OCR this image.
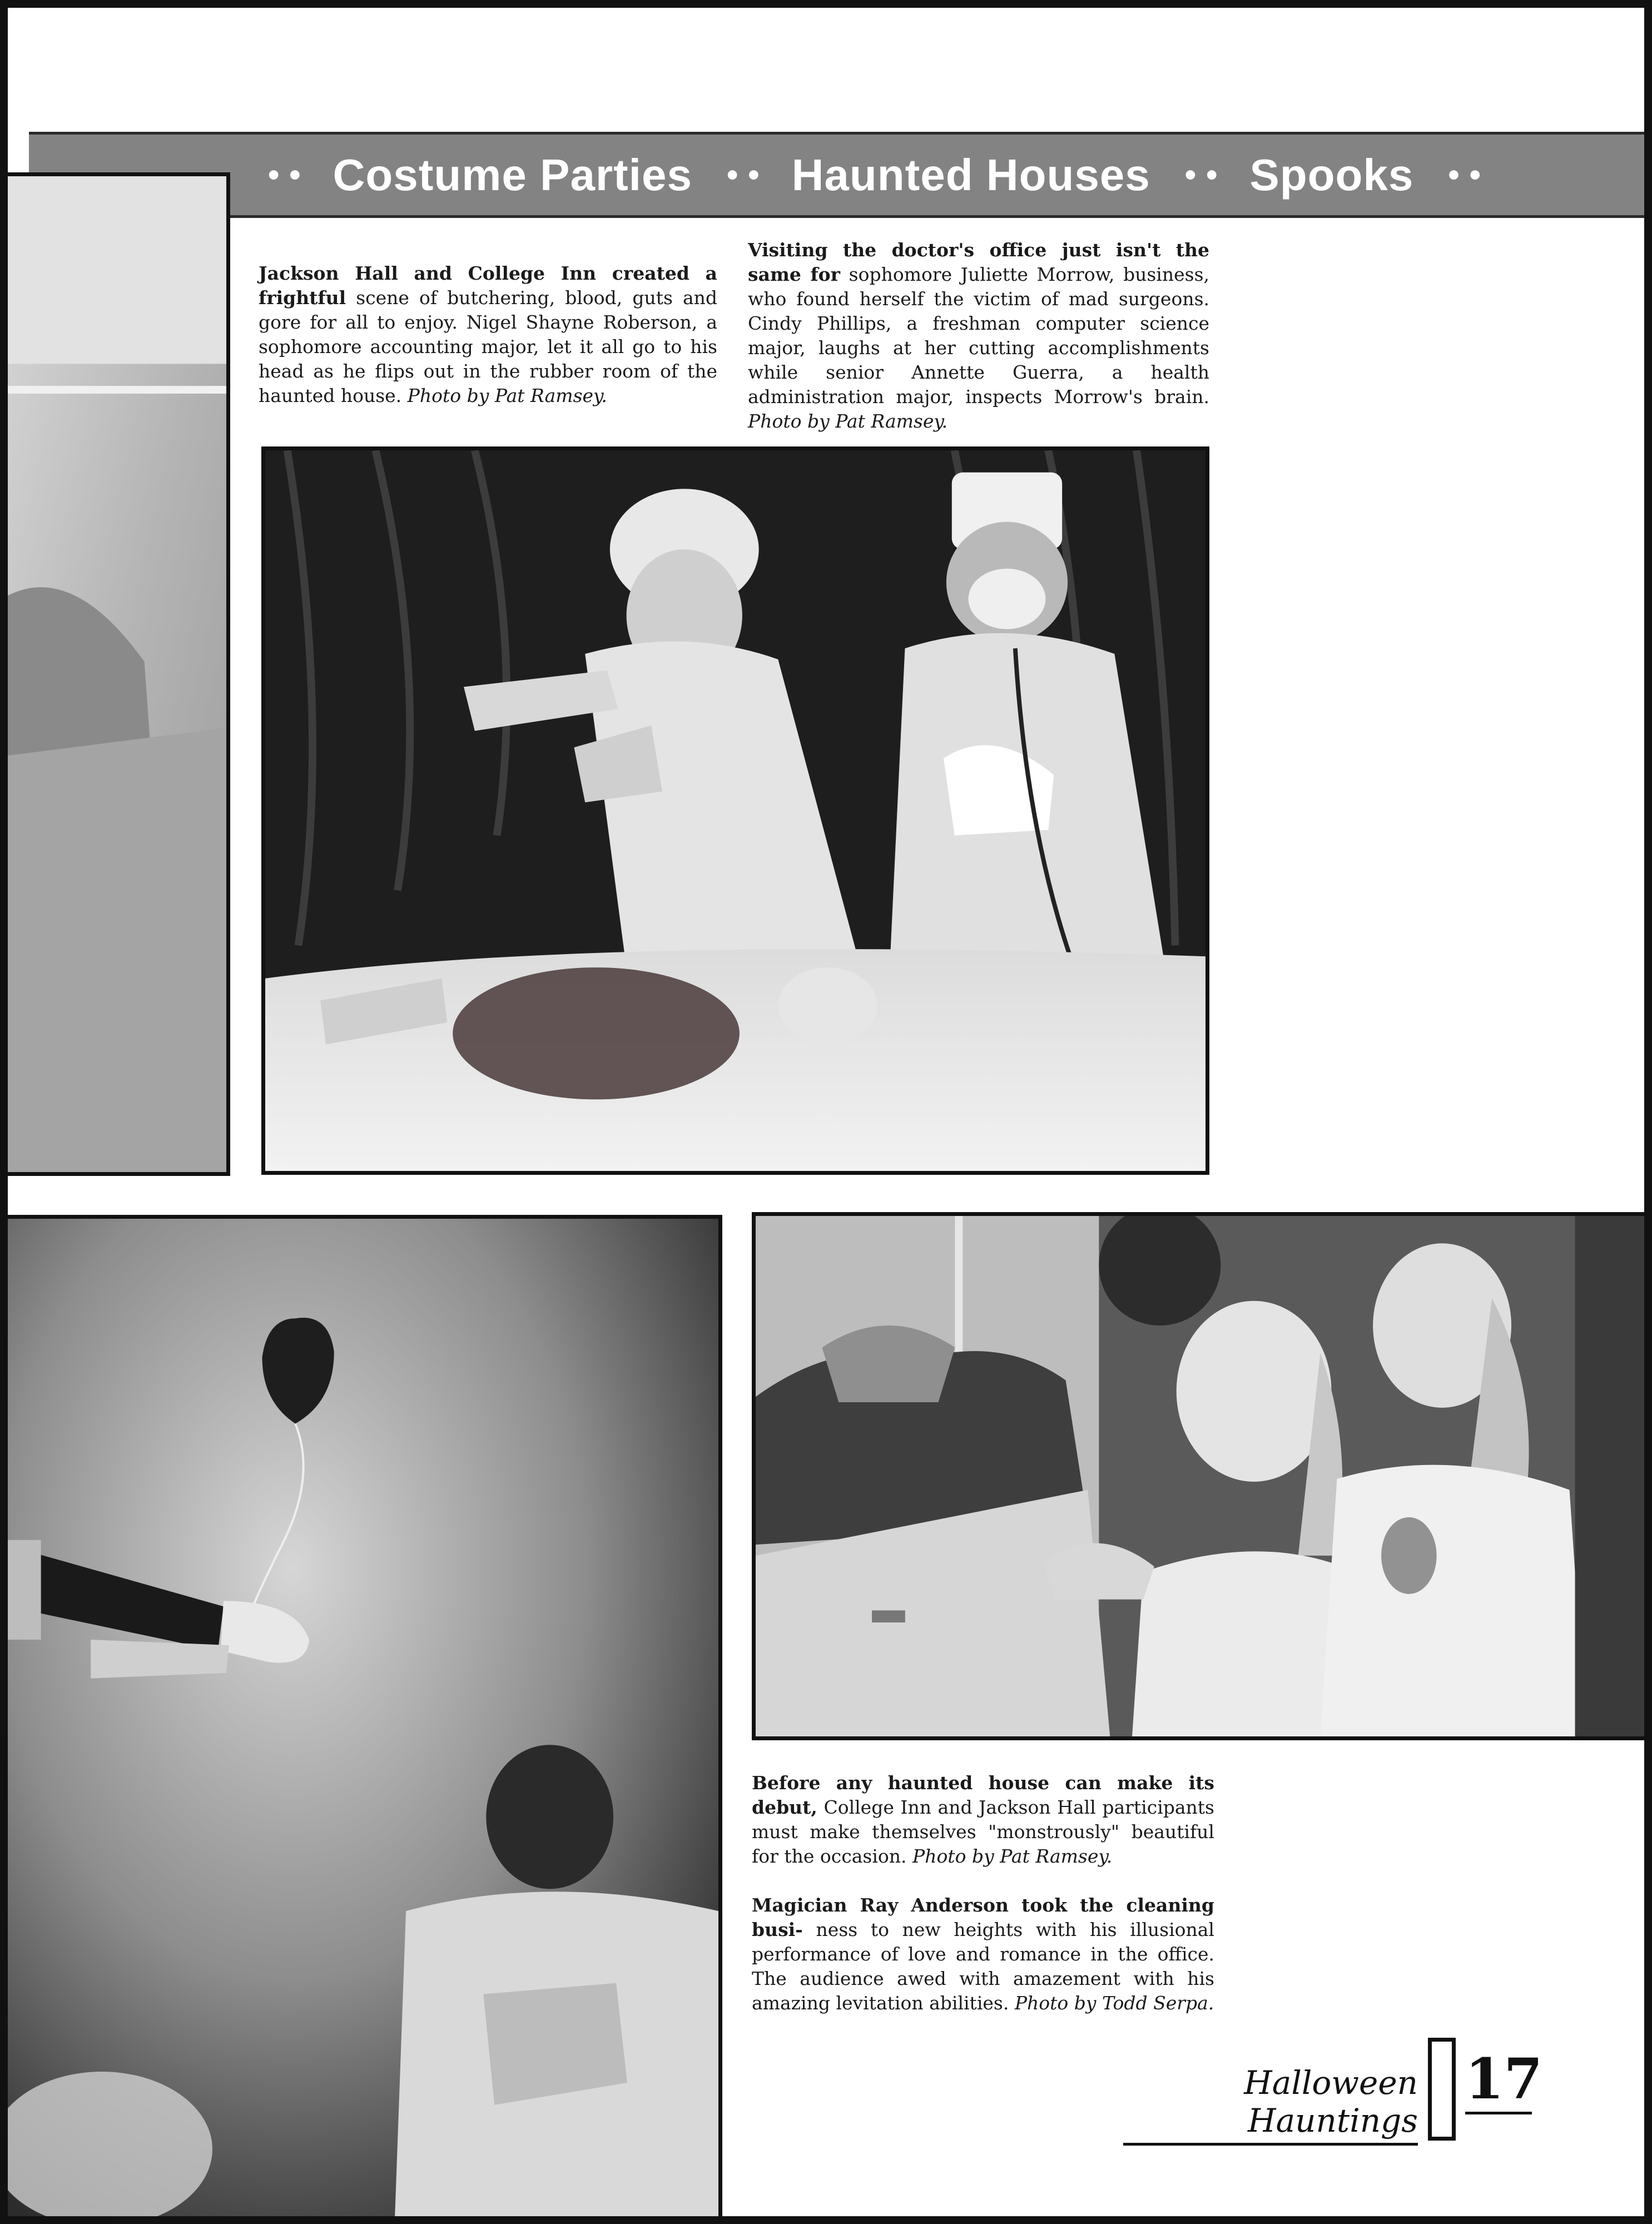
•• Costume Parties •• Haunted Houses •• Spooks ••
Jackson Hall and College Inn created a frightful scene of butchering, blood, guts and gore for all to enjoy. Nigel Shayne Roberson, a sophomore accounting major, let it all go to his head as he flips out in the rubber room of the haunted house. Photo by Pat Ramsey.
Visiting the doctor's office just isn't the same for sophomore Juliette Morrow, business, who found herself the victim of mad surgeons. Cindy Phillips, a freshman computer science major, laughs at her cutting accomplishments while senior Annette Guerra, a health administration major, inspects Morrow's brain. Photo by Pat Ramsey.
Before any haunted house can make its debut, College Inn and Jackson Hall participants must make themselves "monstrously" beautiful for the occasion. Photo by Pat Ramsey.
Magician Ray Anderson took the cleaning busi- ness to new heights with his illusional performance of love and romance in the office. The audience awed with amazement with his amazing levitation abilities. Photo by Todd Serpa.
Halloween Hauntings
17
